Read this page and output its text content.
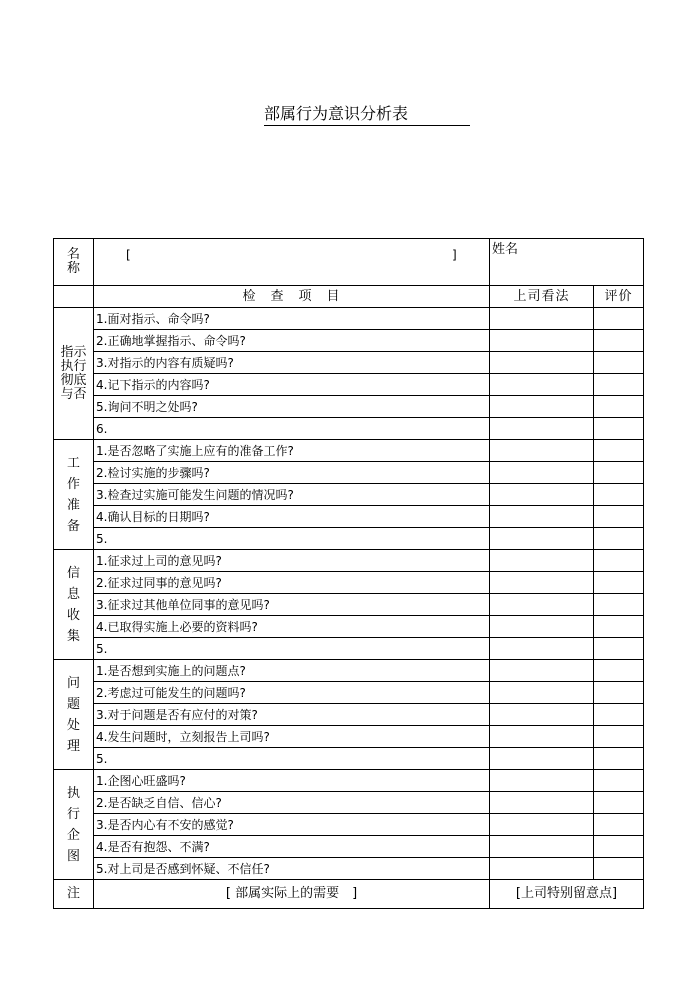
部属行为意识分析表
名称	[ ]	姓名	
	检　查　项　目	上司看法	评价

指示执行彻底与否	1.面对指示、命令吗?		
	2.正确地掌握指示、命令吗?		
	3.对指示的内容有质疑吗?		
	4.记下指示的内容吗?		
	5.询问不明之处吗?		
	6.		

工作准备	1.是否忽略了实施上应有的准备工作?		
	2.检讨实施的步骤吗?		
	3.检查过实施可能发生问题的情况吗?		
	4.确认目标的日期吗?		
	5.		

信息收集	1.征求过上司的意见吗?		
	2.征求过同事的意见吗?		
	3.征求过其他单位同事的意见吗?		
	4.已取得实施上必要的资料吗?		
	5.		

问题处理	1.是否想到实施上的问题点?		
	2.考虑过可能发生的问题吗?		
	3.对于问题是否有应付的对策?		
	4.发生问题时，立刻报告上司吗?		
	5.		

执行企图	1.企图心旺盛吗?		
	2.是否缺乏自信、信心?		
	3.是否内心有不安的感觉?		
	4.是否有抱怨、不满?		
	5.对上司是否感到怀疑、不信任?		
注	[ 部属实际上的需要　]	[上司特别留意点]	
